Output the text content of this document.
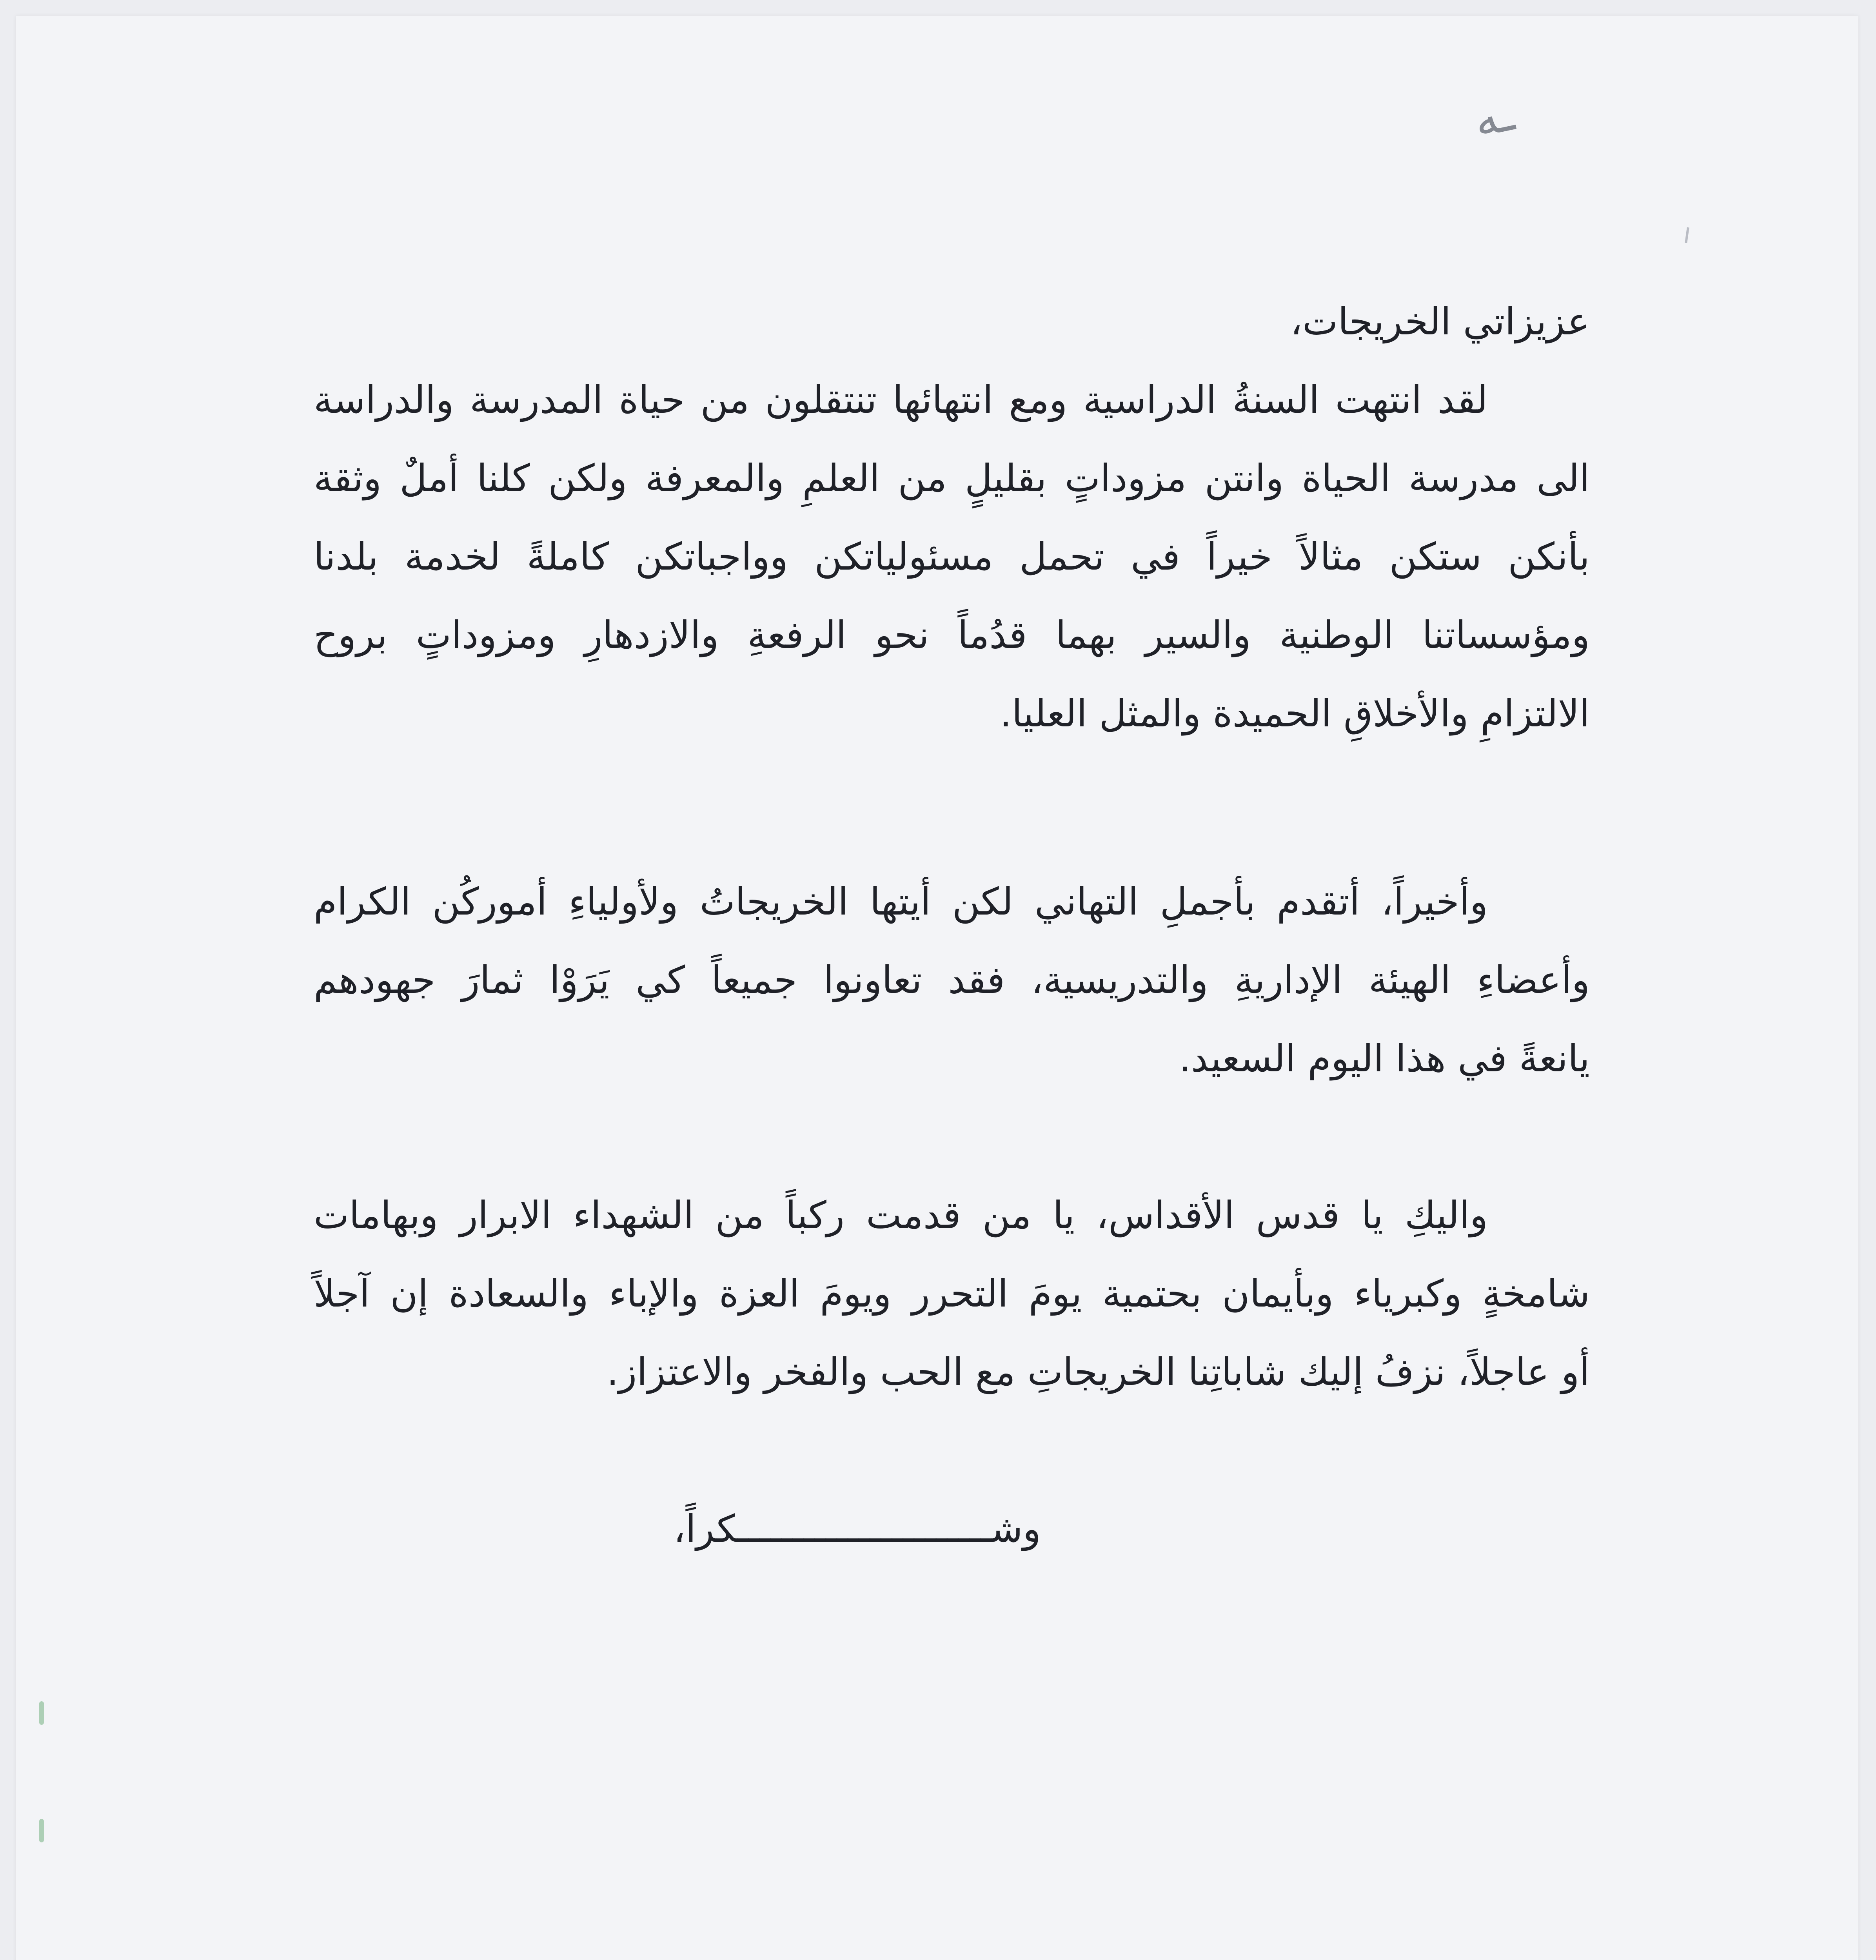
ـه

عزيزاتي الخريجات،

لقد انتهت السنةُ الدراسية ومع انتهائها تنتقلون من حياة المدرسة والدراسة
الى مدرسة الحياة وانتن مزوداتٍ بقليلٍ من العلمِ والمعرفة ولكن كلنا أملٌ وثقة
بأنكن ستكن مثالاً خيراً في تحمل مسئولياتكن وواجباتكن كاملةً لخدمة بلدنا
ومؤسساتنا الوطنية والسير بهما قدُماً نحو الرفعةِ والازدهارِ ومزوداتٍ بروح
الالتزامِ والأخلاقِ الحميدة والمثل العليا.

وأخيراً، أتقدم بأجملِ التهاني لكن أيتها الخريجاتُ ولأولياءِ أموركُن الكرام
وأعضاءِ الهيئة الإداريةِ والتدريسية، فقد تعاونوا جميعاً كي يَرَوْا ثمارَ جهودهم
يانعةً في هذا اليوم السعيد.

واليكِ يا قدس الأقداس، يا من قدمت ركباً من الشهداء الابرار وبهامات
شامخةٍ وكبرياء وبأيمان بحتمية يومَ التحرر ويومَ العزة والإباء والسعادة إن آجلاً
أو عاجلاً، نزفُ إليك شاباتِنا الخريجاتِ مع الحب والفخر والاعتزاز.

وشـــــــــــــــــــــــكراً،
